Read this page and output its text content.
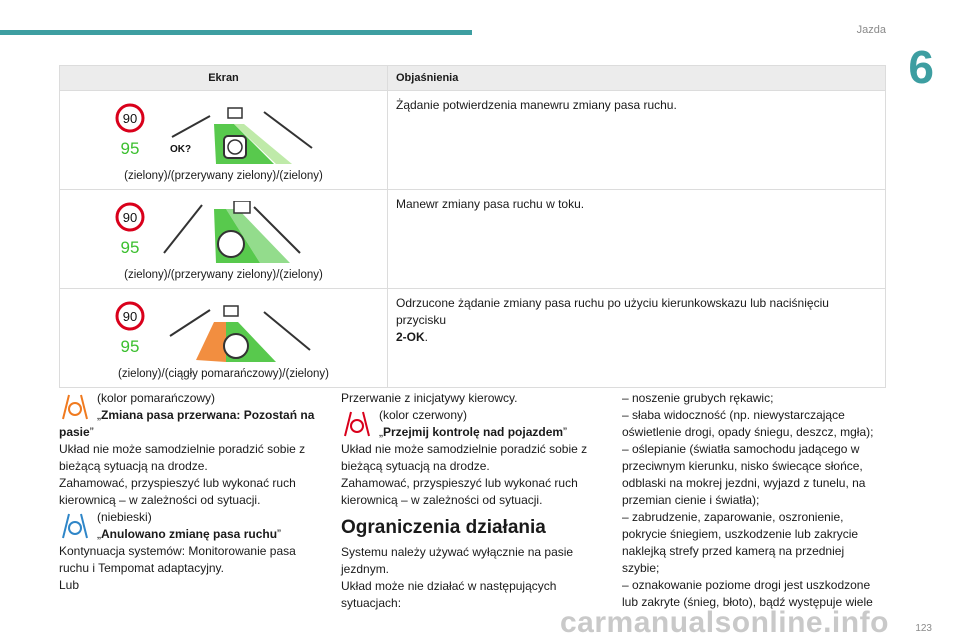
Jazda
6
Ekran	Objaśnienia

90
95 OK?
(zielony)/(przerywany zielony)/(zielony)	Żądanie potwierdzenia manewru zmiany pasa ruchu.

90
95
(zielony)/(przerywany zielony)/(zielony)	Manewr zmiany pasa ruchu w toku.

90
95
(zielony)/(ciągły pomarańczowy)/(zielony)	Odrzucone żądanie zmiany pasa ruchu po użyciu kierunkowskazu lub naciśnięciu przycisku
2-OK.

(kolor pomarańczowy)

„Zmiana pasa przerwana: Pozostań na pasie”

Układ nie może samodzielnie poradzić sobie z bieżącą sytuacją na drodze.

Zahamować, przyspieszyć lub wykonać ruch kierownicą – w zależności od sytuacji.

(niebieski)

„Anulowano zmianę pasa ruchu”

Kontynuacja systemów: Monitorowanie pasa ruchu i Tempomat adaptacyjny.

Lub

Przerwanie z inicjatywy kierowcy.

(kolor czerwony)

„Przejmij kontrolę nad pojazdem”

Układ nie może samodzielnie poradzić sobie z bieżącą sytuacją na drodze.

Zahamować, przyspieszyć lub wykonać ruch kierownicą – w zależności od sytuacji.

Ograniczenia działania

Systemu należy używać wyłącznie na pasie jezdnym.

Układ może nie działać w następujących sytuacjach:

– noszenie grubych rękawic;

– słaba widoczność (np. niewystarczające oświetlenie drogi, opady śniegu, deszcz, mgła);

– oślepianie (światła samochodu jadącego w przeciwnym kierunku, nisko świecące słońce, odblaski na mokrej jezdni, wyjazd z tunelu, na przemian cienie i światła);

– zabrudzenie, zaparowanie, oszronienie, pokrycie śniegiem, uszkodzenie lub zakrycie naklejką strefy przed kamerą na przedniej szybie;

– oznakowanie poziome drogi jest uszkodzone lub zakryte (śnieg, błoto), bądź występuje wiele

123
carmanualsonline.info
